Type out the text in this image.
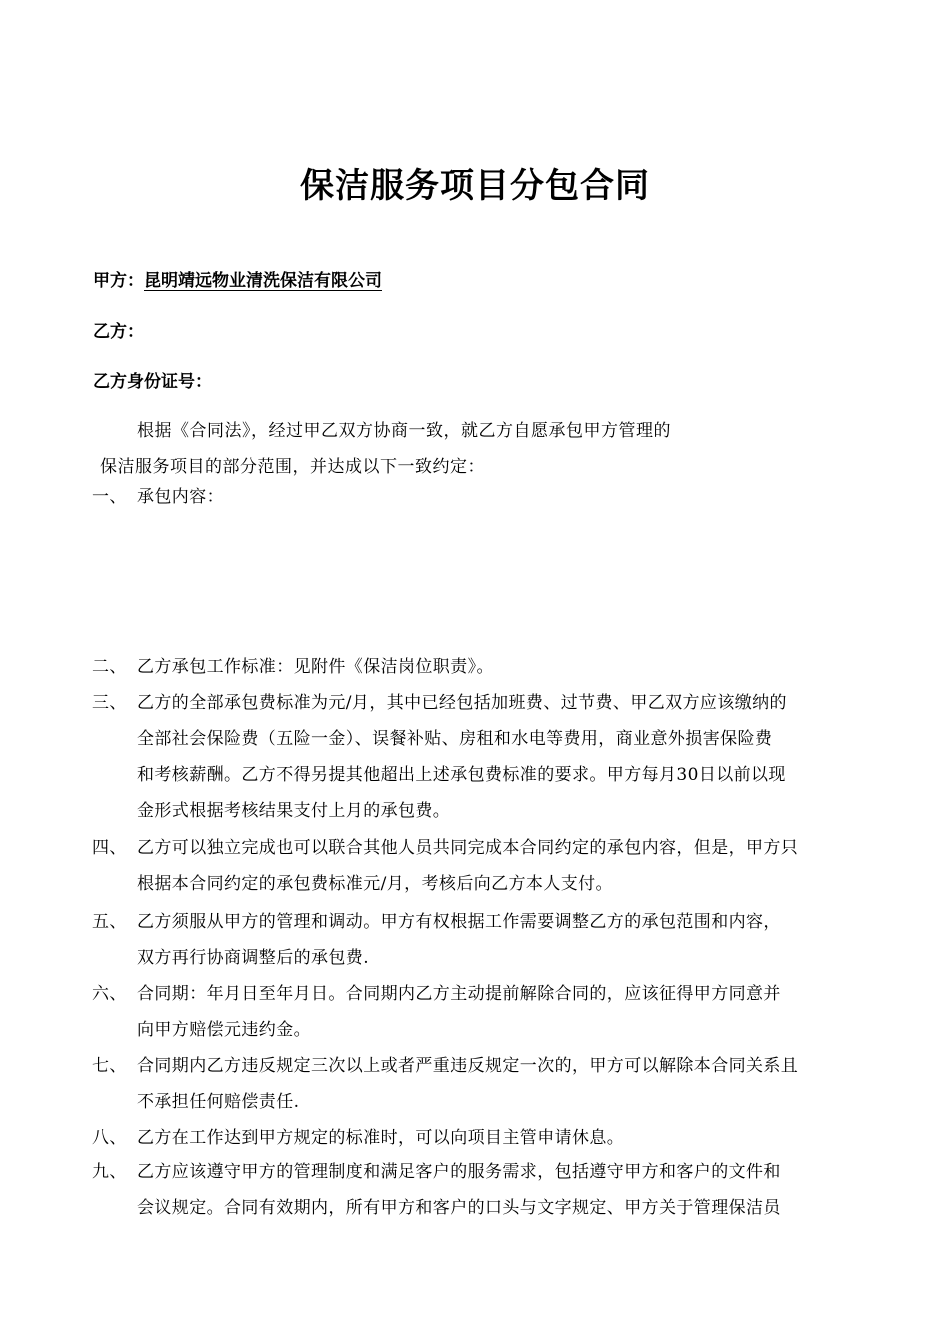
保洁服务项目分包合同
甲方：昆明靖远物业清洗保洁有限公司
乙方：
乙方身份证号：
根据《合同法》，经过甲乙双方协商一致，就乙方自愿承包甲方管理的
保洁服务项目的部分范围，并达成以下一致约定：
一、 承包内容：
二、 乙方承包工作标准：见附件《保洁岗位职责》。
三、 乙方的全部承包费标准为元/月，其中已经包括加班费、过节费、甲乙双方应该缴纳的
全部社会保险费（五险一金）、误餐补贴、房租和水电等费用，商业意外损害保险费
和考核薪酬。乙方不得另提其他超出上述承包费标准的要求。甲方每月30日以前以现
金形式根据考核结果支付上月的承包费。
四、 乙方可以独立完成也可以联合其他人员共同完成本合同约定的承包内容，但是，甲方只
根据本合同约定的承包费标准元/月，考核后向乙方本人支付。
五、 乙方须服从甲方的管理和调动。甲方有权根据工作需要调整乙方的承包范围和内容，
双方再行协商调整后的承包费.
六、 合同期：年月日至年月日。合同期内乙方主动提前解除合同的，应该征得甲方同意并
向甲方赔偿元违约金。
七、 合同期内乙方违反规定三次以上或者严重违反规定一次的，甲方可以解除本合同关系且
不承担任何赔偿责任.
八、 乙方在工作达到甲方规定的标准时，可以向项目主管申请休息。
九、 乙方应该遵守甲方的管理制度和满足客户的服务需求，包括遵守甲方和客户的文件和
会议规定。合同有效期内，所有甲方和客户的口头与文字规定、甲方关于管理保洁员
